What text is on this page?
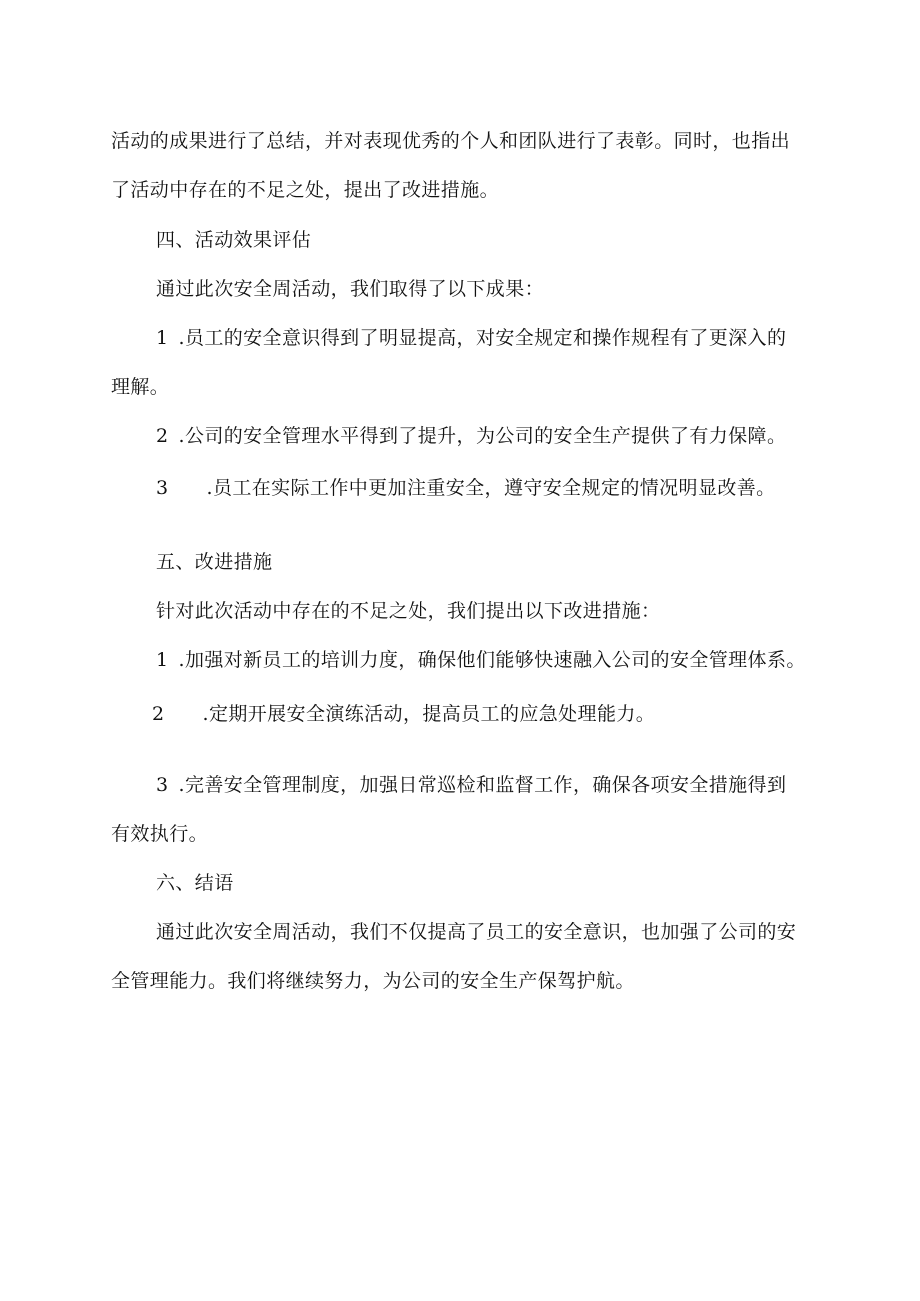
活动的成果进行了总结，并对表现优秀的个人和团队进行了表彰。同时，也指出
了活动中存在的不足之处，提出了改进措施。
四、活动效果评估
通过此次安全周活动，我们取得了以下成果：
1 .员工的安全意识得到了明显提高，对安全规定和操作规程有了更深入的
理解。
2 .公司的安全管理水平得到了提升，为公司的安全生产提供了有力保障。
3 .员工在实际工作中更加注重安全，遵守安全规定的情况明显改善。
五、改进措施
针对此次活动中存在的不足之处，我们提出以下改进措施：
1 .加强对新员工的培训力度，确保他们能够快速融入公司的安全管理体系。
2 .定期开展安全演练活动，提高员工的应急处理能力。
3 .完善安全管理制度，加强日常巡检和监督工作，确保各项安全措施得到
有效执行。
六、结语
通过此次安全周活动，我们不仅提高了员工的安全意识，也加强了公司的安
全管理能力。我们将继续努力，为公司的安全生产保驾护航。
